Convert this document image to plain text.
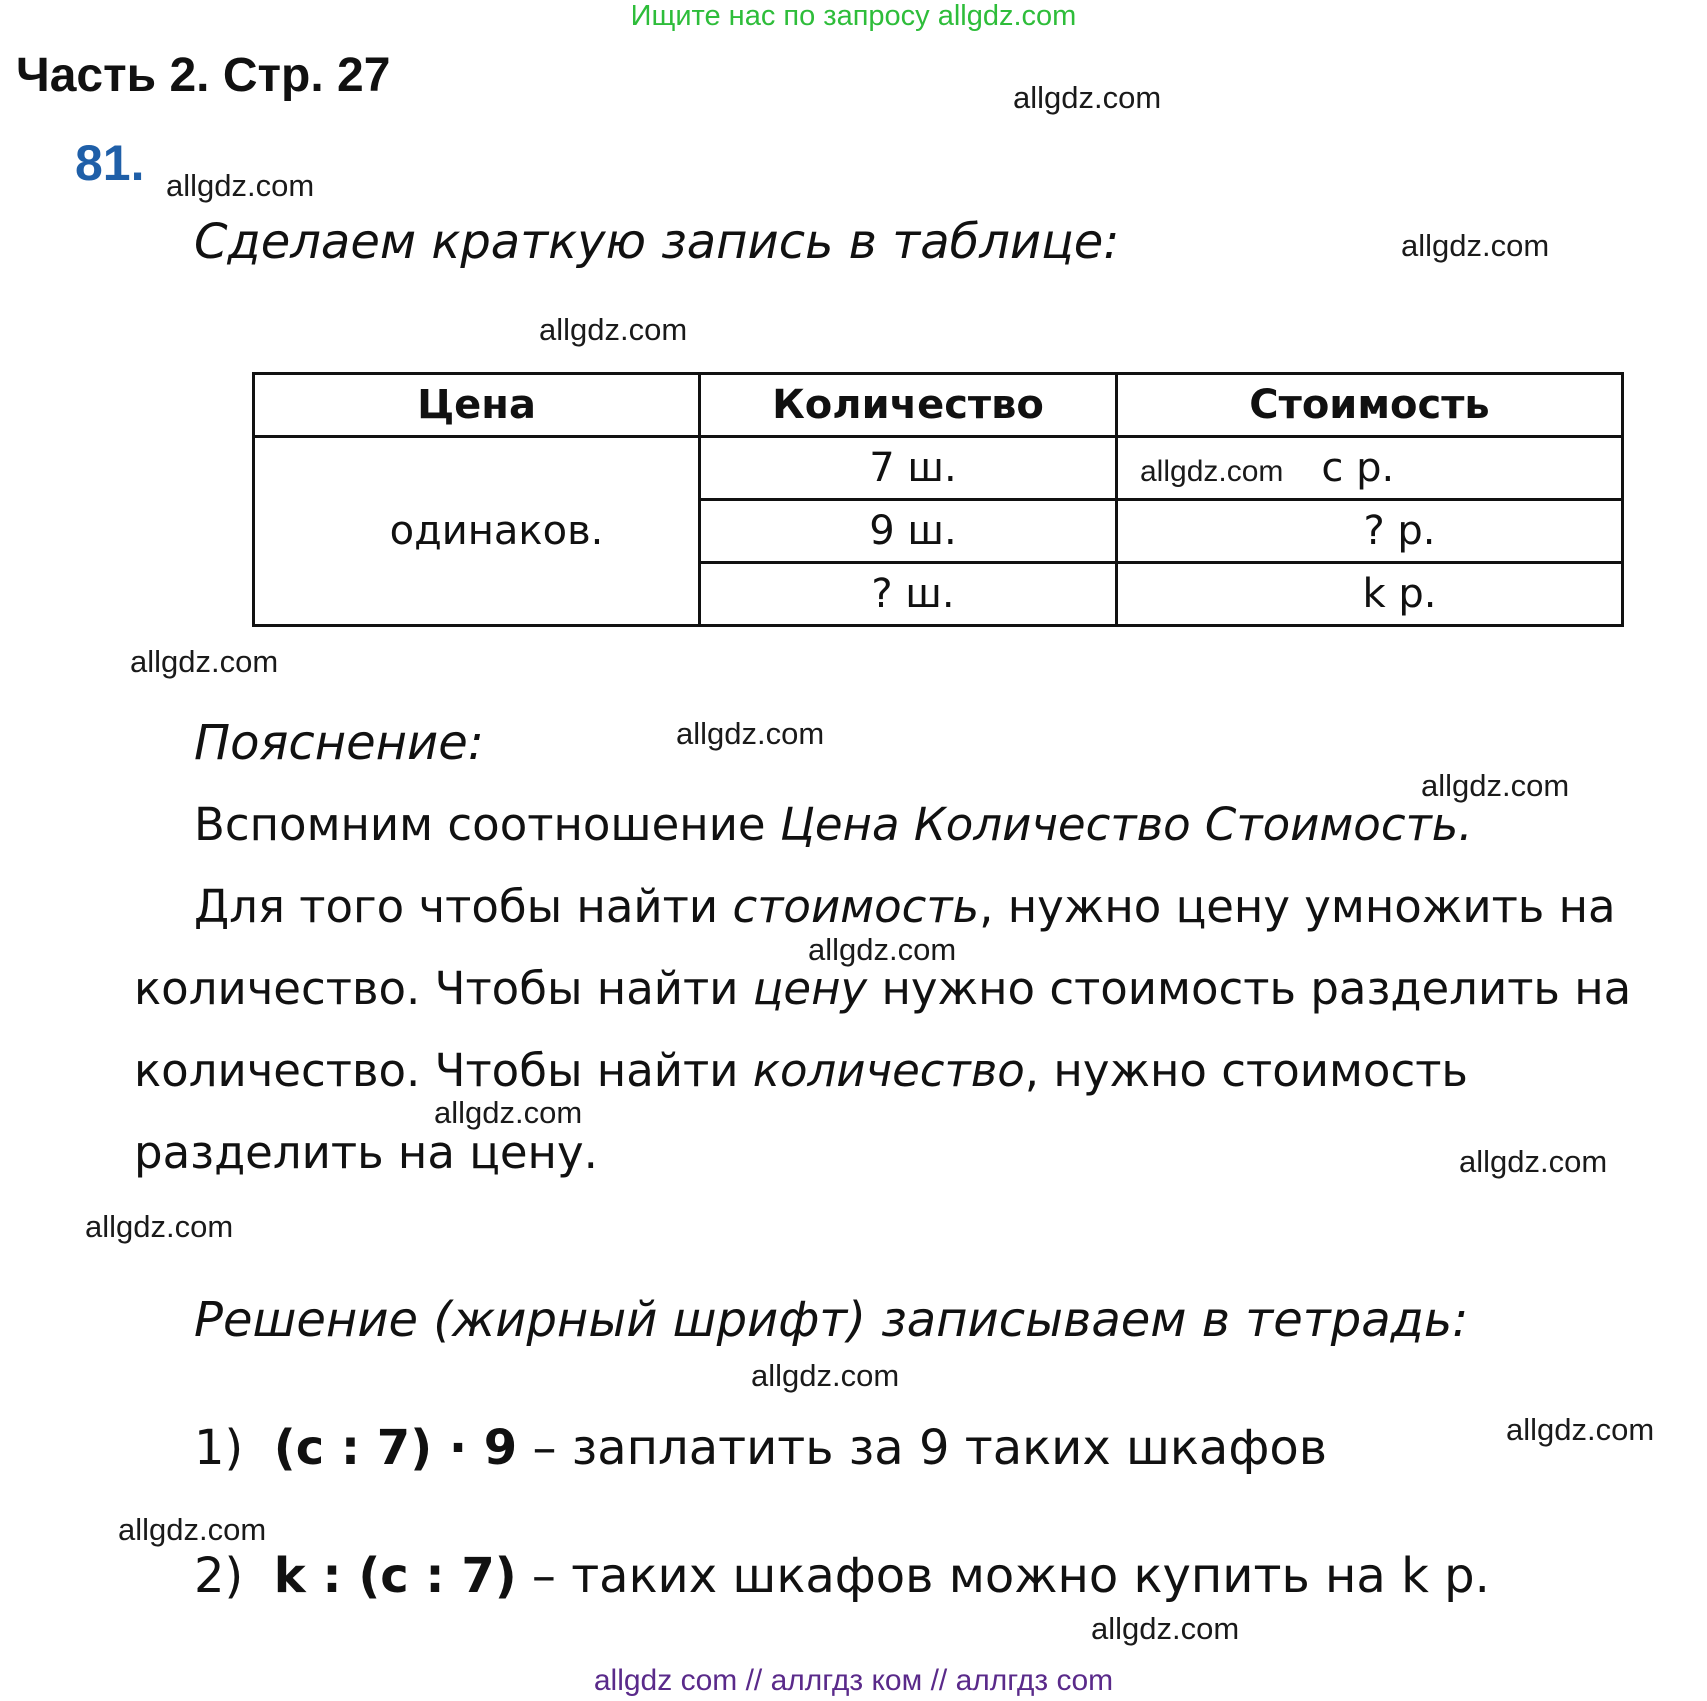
Ищите нас по запросу allgdz.com
Часть 2. Стр. 27	allgdz.com
81. allgdz.com
Сделаем краткую запись в таблице:	allgdz.com
allgdz.com
Цена	Количество	Стоимость
одинаков.	7 ш.	allgdz.com c р.
	9 ш.	? р.
	? ш.	k р.
allgdz.com
Пояснение:	allgdz.com
allgdz.com
Вспомним соотношение Цена Количество Стоимость.
Для того чтобы найти стоимость, нужно цену умножить на
allgdz.com
количество. Чтобы найти цену нужно стоимость разделить на
количество. Чтобы найти количество, нужно стоимость
allgdz.com
разделить на цену.	allgdz.com
allgdz.com
Решение (жирный шрифт) записываем в тетрадь:
allgdz.com
allgdz.com
1) (c : 7) · 9 – заплатить за 9 таких шкафов
allgdz.com
2) k : (c : 7) – таких шкафов можно купить на k р.
allgdz.com
allgdz com // аллгдз ком // аллгдз com
